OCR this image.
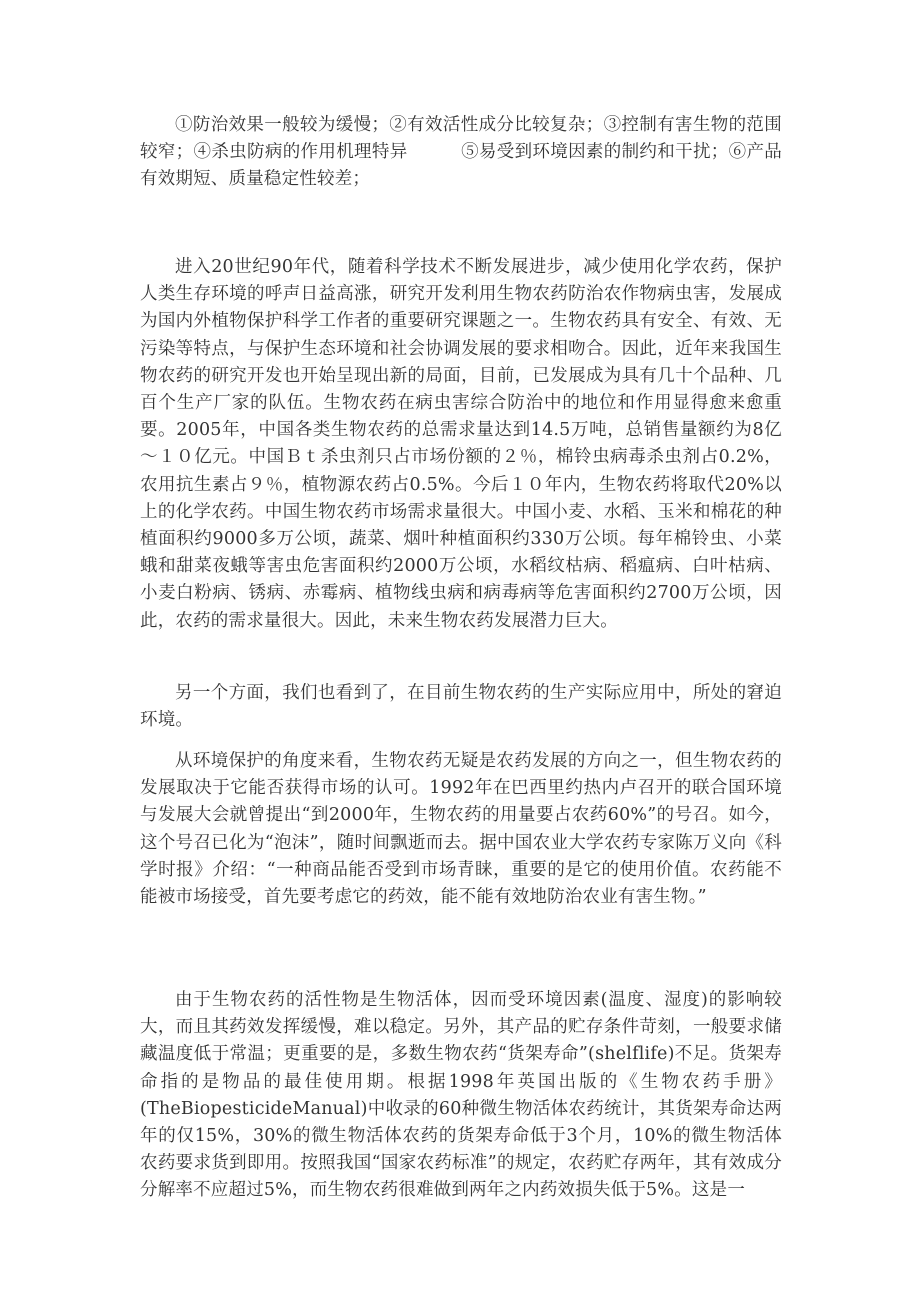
①防治效果一般较为缓慢；②有效活性成分比较复杂；③控制有害生物的范围较窄；④杀虫防病的作用机理特异　　　⑤易受到环境因素的制约和干扰；⑥产品有效期短、质量稳定性较差；

进入20世纪90年代，随着科学技术不断发展进步，减少使用化学农药，保护人类生存环境的呼声日益高涨，研究开发利用生物农药防治农作物病虫害，发展成为国内外植物保护科学工作者的重要研究课题之一。生物农药具有安全、有效、无污染等特点，与保护生态环境和社会协调发展的要求相吻合。因此，近年来我国生物农药的研究开发也开始呈现出新的局面，目前，已发展成为具有几十个品种、几百个生产厂家的队伍。生物农药在病虫害综合防治中的地位和作用显得愈来愈重要。2005年，中国各类生物农药的总需求量达到14.5万吨，总销售量额约为8亿～１０亿元。中国Ｂｔ杀虫剂只占市场份额的２％，棉铃虫病毒杀虫剂占0.2%，农用抗生素占９％，植物源农药占0.5%。今后１０年内，生物农药将取代20%以上的化学农药。中国生物农药市场需求量很大。中国小麦、水稻、玉米和棉花的种植面积约9000多万公顷，蔬菜、烟叶种植面积约330万公顷。每年棉铃虫、小菜蛾和甜菜夜蛾等害虫危害面积约2000万公顷，水稻纹枯病、稻瘟病、白叶枯病、小麦白粉病、锈病、赤霉病、植物线虫病和病毒病等危害面积约2700万公顷，因此，农药的需求量很大。因此，未来生物农药发展潜力巨大。

另一个方面，我们也看到了，在目前生物农药的生产实际应用中，所处的窘迫环境。

从环境保护的角度来看，生物农药无疑是农药发展的方向之一，但生物农药的发展取决于它能否获得市场的认可。1992年在巴西里约热内卢召开的联合国环境与发展大会就曾提出“到2000年，生物农药的用量要占农药60%”的号召。如今，这个号召已化为“泡沫”，随时间飘逝而去。据中国农业大学农药专家陈万义向《科学时报》介绍：“一种商品能否受到市场青睐，重要的是它的使用价值。农药能不能被市场接受，首先要考虑它的药效，能不能有效地防治农业有害生物。”

由于生物农药的活性物是生物活体，因而受环境因素(温度、湿度)的影响较大，而且其药效发挥缓慢，难以稳定。另外，其产品的贮存条件苛刻，一般要求储藏温度低于常温；更重要的是，多数生物农药“货架寿命”(shelflife)不足。货架寿命指的是物品的最佳使用期。根据1998年英国出版的《生物农药手册》(TheBiopesticideManual)中收录的60种微生物活体农药统计，其货架寿命达两年的仅15%，30%的微生物活体农药的货架寿命低于3个月，10%的微生物活体农药要求货到即用。按照我国“国家农药标准”的规定，农药贮存两年，其有效成分分解率不应超过5%，而生物农药很难做到两年之内药效损失低于5%。这是一
